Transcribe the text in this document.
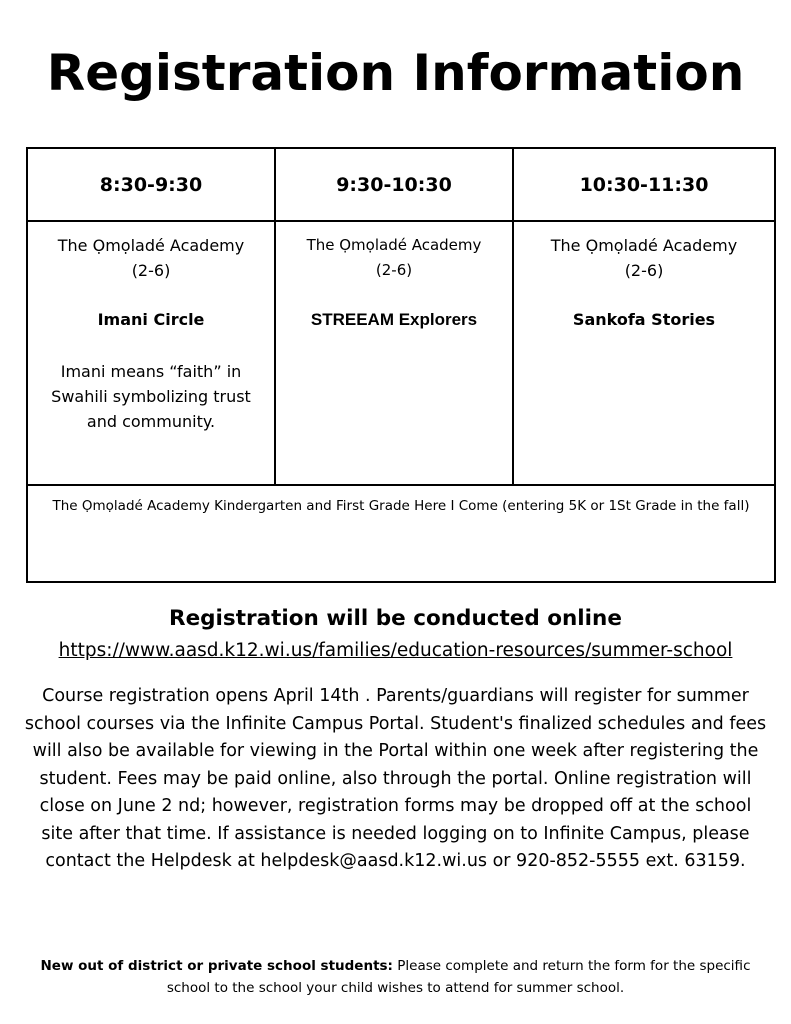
Registration Information
8:30-9:30
The Ọmọladé Academy
(2-6)
Imani Circle
Imani means “faith” in Swahili symbolizing trust and community.
9:30-10:30
The Ọmọladé Academy
(2-6)
STREEAM Explorers
10:30-11:30
The Ọmọladé Academy
(2-6)
Sankofa Stories
The Ọmọladé Academy Kindergarten and First Grade Here I Come (entering 5K or 1St Grade in the fall)
Registration will be conducted online
https://www.aasd.k12.wi.us/families/education-resources/summer-school

Course registration opens April 14th . Parents/guardians will register for summer school courses via the Infinite Campus Portal. Student's finalized schedules and fees will also be available for viewing in the Portal within one week after registering the student. Fees may be paid online, also through the portal. Online registration will close on June 2 nd; however, registration forms may be dropped off at the school site after that time. If assistance is needed logging on to Infinite Campus, please contact the Helpdesk at helpdesk@aasd.k12.wi.us or 920-852-5555 ext. 63159.

New out of district or private school students: Please complete and return the form for the specific school to the school your child wishes to attend for summer school.
